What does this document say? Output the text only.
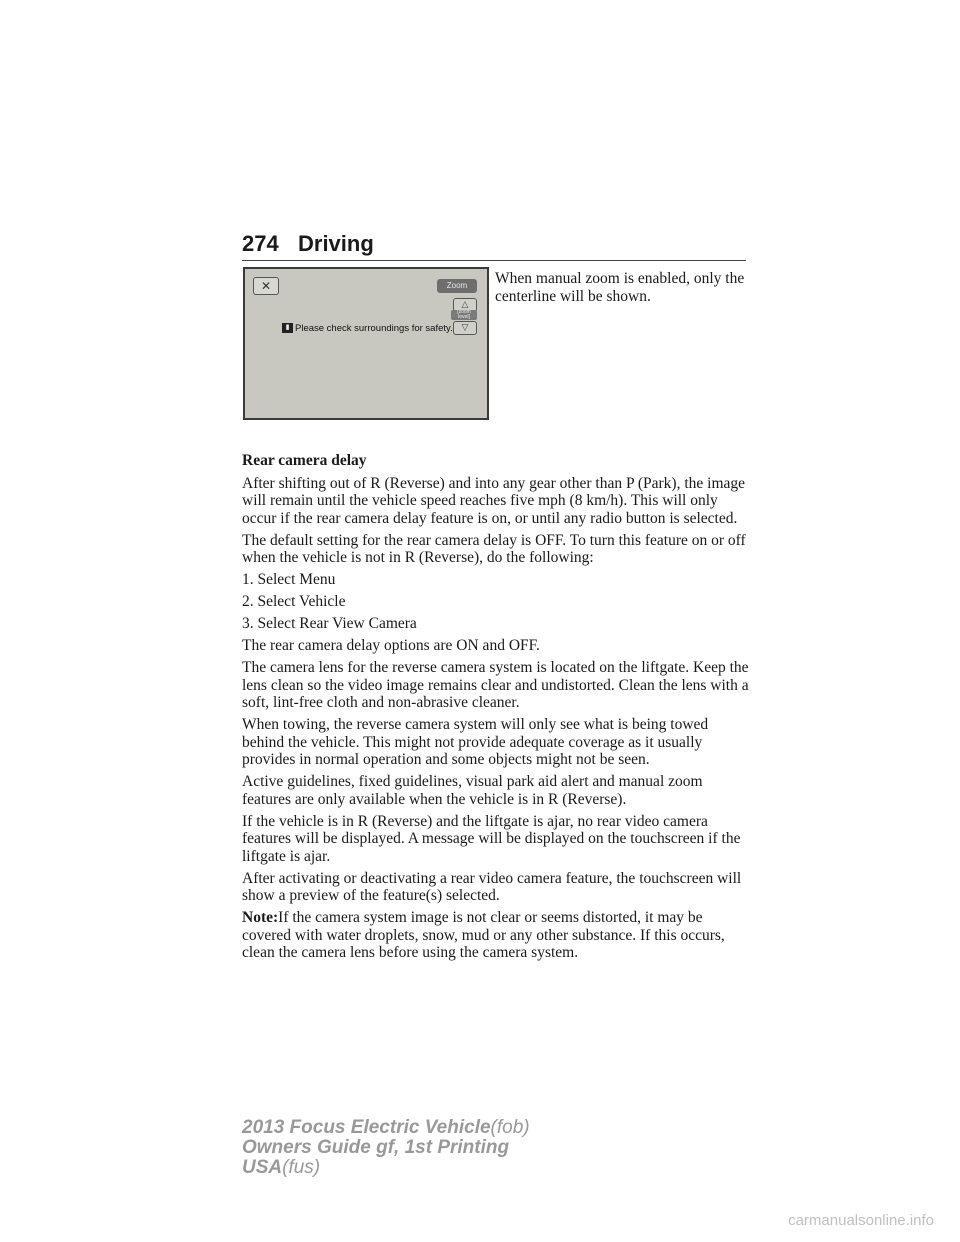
274 Driving
✕	Zoom
△
[zoom level]
▽
▮ Please check surroundings for safety.

When manual zoom is enabled, only the centerline will be shown.

Rear camera delay

After shifting out of R (Reverse) and into any gear other than P (Park), the image will remain until the vehicle speed reaches five mph (8 km/h). This will only occur if the rear camera delay feature is on, or until any radio button is selected.

The default setting for the rear camera delay is OFF. To turn this feature on or off when the vehicle is not in R (Reverse), do the following:

1. Select Menu

2. Select Vehicle

3. Select Rear View Camera

The rear camera delay options are ON and OFF.

The camera lens for the reverse camera system is located on the liftgate. Keep the lens clean so the video image remains clear and undistorted. Clean the lens with a soft, lint-free cloth and non-abrasive cleaner.

When towing, the reverse camera system will only see what is being towed behind the vehicle. This might not provide adequate coverage as it usually provides in normal operation and some objects might not be seen.

Active guidelines, fixed guidelines, visual park aid alert and manual zoom features are only available when the vehicle is in R (Reverse).

If the vehicle is in R (Reverse) and the liftgate is ajar, no rear video camera features will be displayed. A message will be displayed on the touchscreen if the liftgate is ajar.

After activating or deactivating a rear video camera feature, the touchscreen will show a preview of the feature(s) selected.

Note:If the camera system image is not clear or seems distorted, it may be covered with water droplets, snow, mud or any other substance. If this occurs, clean the camera lens before using the camera system.

2013 Focus Electric Vehicle(fob)
Owners Guide gf, 1st Printing
USA(fus)
carmanualsonline.info
